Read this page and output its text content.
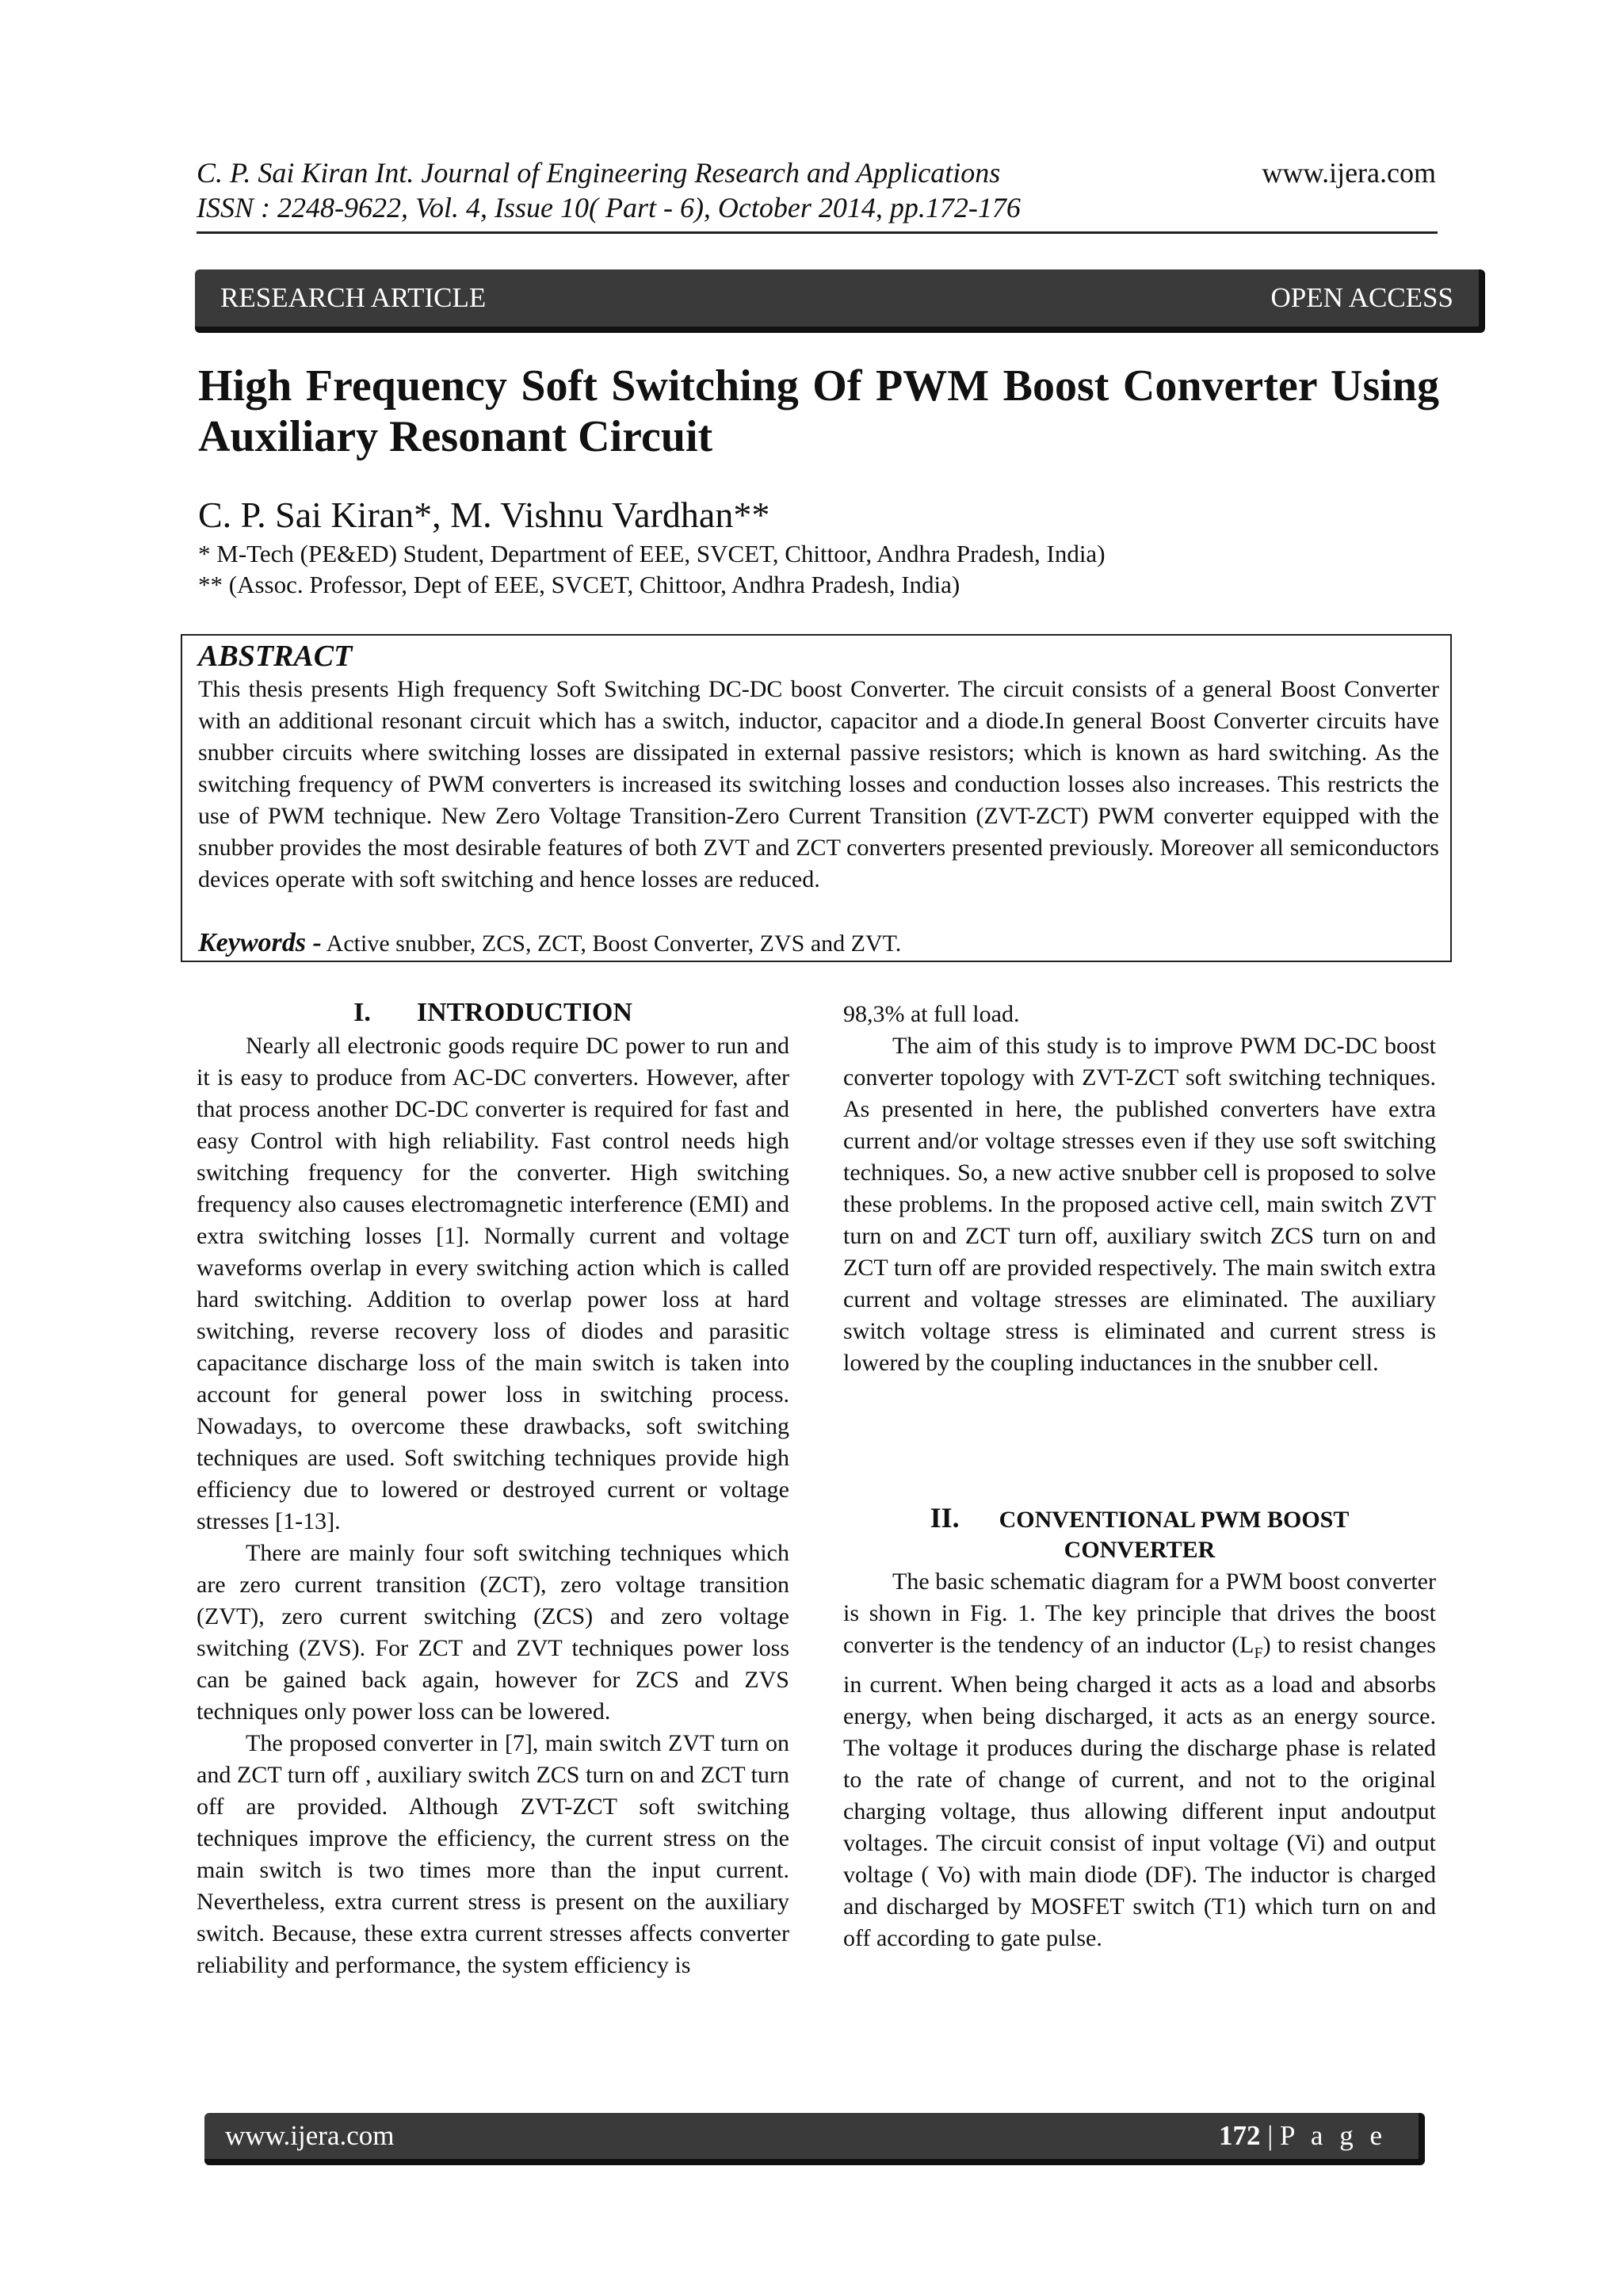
C. P. Sai Kiran Int. Journal of Engineering Research and Applications
ISSN : 2248-9622, Vol. 4, Issue 10( Part - 6), October 2014, pp.172-176
www.ijera.com
RESEARCH ARTICLE	OPEN ACCESS
High Frequency Soft Switching Of PWM Boost Converter Using Auxiliary Resonant Circuit
C. P. Sai Kiran*, M. Vishnu Vardhan**
* M-Tech (PE&ED) Student, Department of EEE, SVCET, Chittoor, Andhra Pradesh, India)
** (Assoc. Professor, Dept of EEE, SVCET, Chittoor, Andhra Pradesh, India)
ABSTRACT
This thesis presents High frequency Soft Switching DC-DC boost Converter. The circuit consists of a general Boost Converter with an additional resonant circuit which has a switch, inductor, capacitor and a diode.In general Boost Converter circuits have snubber circuits where switching losses are dissipated in external passive resistors; which is known as hard switching. As the switching frequency of PWM converters is increased its switching losses and conduction losses also increases. This restricts the use of PWM technique. New Zero Voltage Transition-Zero Current Transition (ZVT-ZCT) PWM converter equipped with the snubber provides the most desirable features of both ZVT and ZCT converters presented previously. Moreover all semiconductors devices operate with soft switching and hence losses are reduced.
Keywords - Active snubber, ZCS, ZCT, Boost Converter, ZVS and ZVT.
I. INTRODUCTION

Nearly all electronic goods require DC power to run and it is easy to produce from AC-DC converters. However, after that process another DC-DC converter is required for fast and easy Control with high reliability. Fast control needs high switching frequency for the converter. High switching frequency also causes electromagnetic interference (EMI) and extra switching losses [1]. Normally current and voltage waveforms overlap in every switching action which is called hard switching. Addition to overlap power loss at hard switching, reverse recovery loss of diodes and parasitic capacitance discharge loss of the main switch is taken into account for general power loss in switching process. Nowadays, to overcome these drawbacks, soft switching techniques are used. Soft switching techniques provide high efficiency due to lowered or destroyed current or voltage stresses [1-13].

There are mainly four soft switching techniques which are zero current transition (ZCT), zero voltage transition (ZVT), zero current switching (ZCS) and zero voltage switching (ZVS). For ZCT and ZVT techniques power loss can be gained back again, however for ZCS and ZVS techniques only power loss can be lowered.

The proposed converter in [7], main switch ZVT turn on and ZCT turn off , auxiliary switch ZCS turn on and ZCT turn off are provided. Although ZVT-ZCT soft switching techniques improve the efficiency, the current stress on the main switch is two times more than the input current. Nevertheless, extra current stress is present on the auxiliary switch. Because, these extra current stresses affects converter reliability and performance, the system efficiency is

98,3% at full load.

The aim of this study is to improve PWM DC-DC boost converter topology with ZVT-ZCT soft switching techniques. As presented in here, the published converters have extra current and/or voltage stresses even if they use soft switching techniques. So, a new active snubber cell is proposed to solve these problems. In the proposed active cell, main switch ZVT turn on and ZCT turn off, auxiliary switch ZCS turn on and ZCT turn off are provided respectively. The main switch extra current and voltage stresses are eliminated. The auxiliary switch voltage stress is eliminated and current stress is lowered by the coupling inductances in the snubber cell.

II. CONVENTIONAL PWM BOOST
CONVERTER

The basic schematic diagram for a PWM boost converter is shown in Fig. 1. The key principle that drives the boost converter is the tendency of an inductor $(L_F)$ to resist changes in current. When being charged it acts as a load and absorbs energy, when being discharged, it acts as an energy source. The voltage it produces during the discharge phase is related to the rate of change of current, and not to the original charging voltage, thus allowing different input andoutput voltages. The circuit consist of input voltage (Vi) and output voltage ( Vo) with main diode (DF). The inductor is charged and discharged by MOSFET switch (T1) which turn on and off according to gate pulse.

www.ijera.com	172 | P a g e
